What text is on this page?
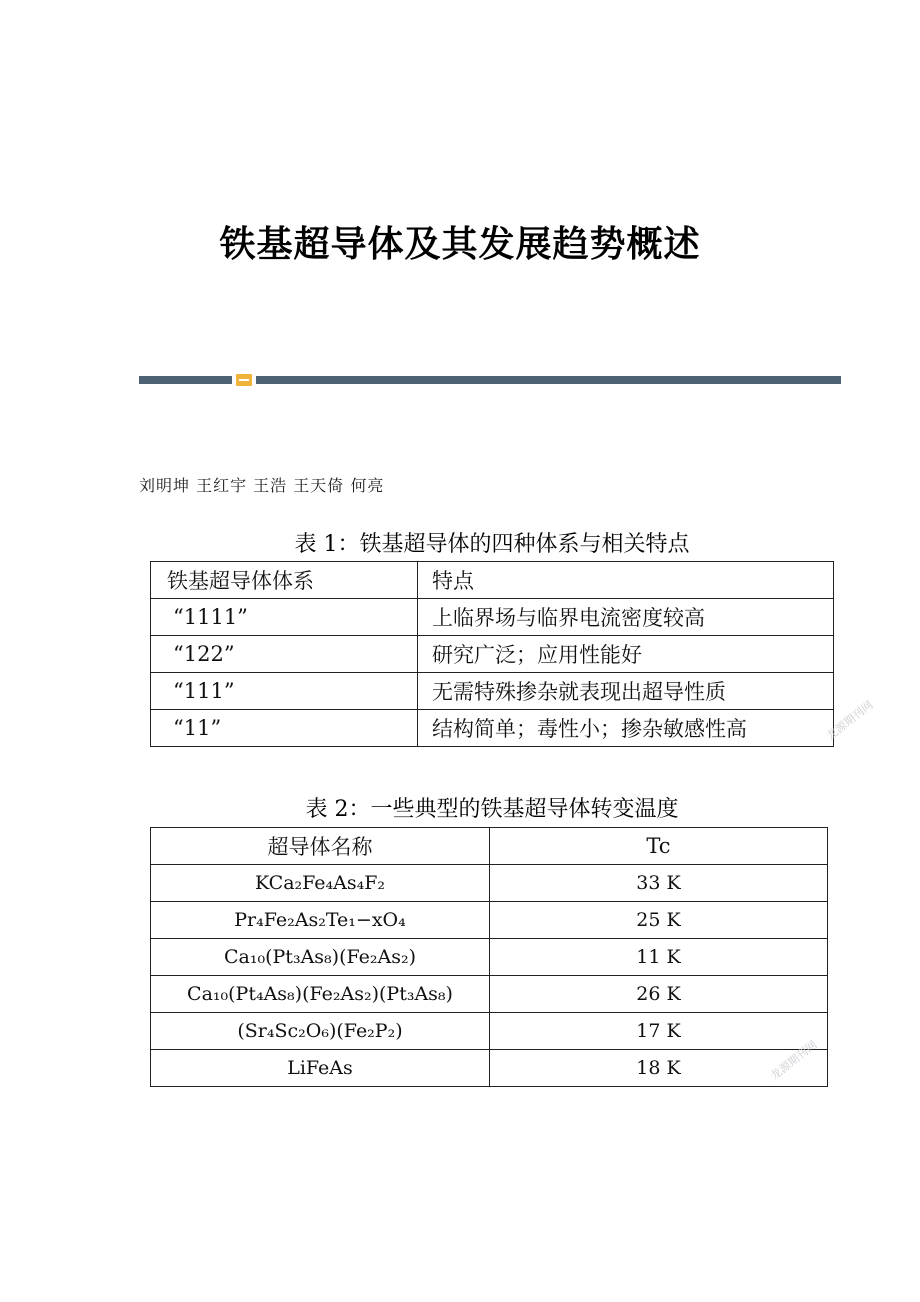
铁基超导体及其发展趋势概述
刘明坤 王红宇 王浩 王天倚 何亮
表 1：铁基超导体的四种体系与相关特点
铁基超导体体系	特点
“1111”	上临界场与临界电流密度较高
“122”	研究广泛；应用性能好
“111”	无需特殊掺杂就表现出超导性质
“11”	结构简单；毒性小；掺杂敏感性高
表 2：一些典型的铁基超导体转变温度
超导体名称	Tc
KCa₂Fe₄As₄F₂	33 K
Pr₄Fe₂As₂Te₁−xO₄	25 K
Ca₁₀(Pt₃As₈)(Fe₂As₂)	11 K
Ca₁₀(Pt₄As₈)(Fe₂As₂)(Pt₃As₈)	26 K
(Sr₄Sc₂O₆)(Fe₂P₂)	17 K
LiFeAs	18 K
龙源期刊网
龙源期刊网
